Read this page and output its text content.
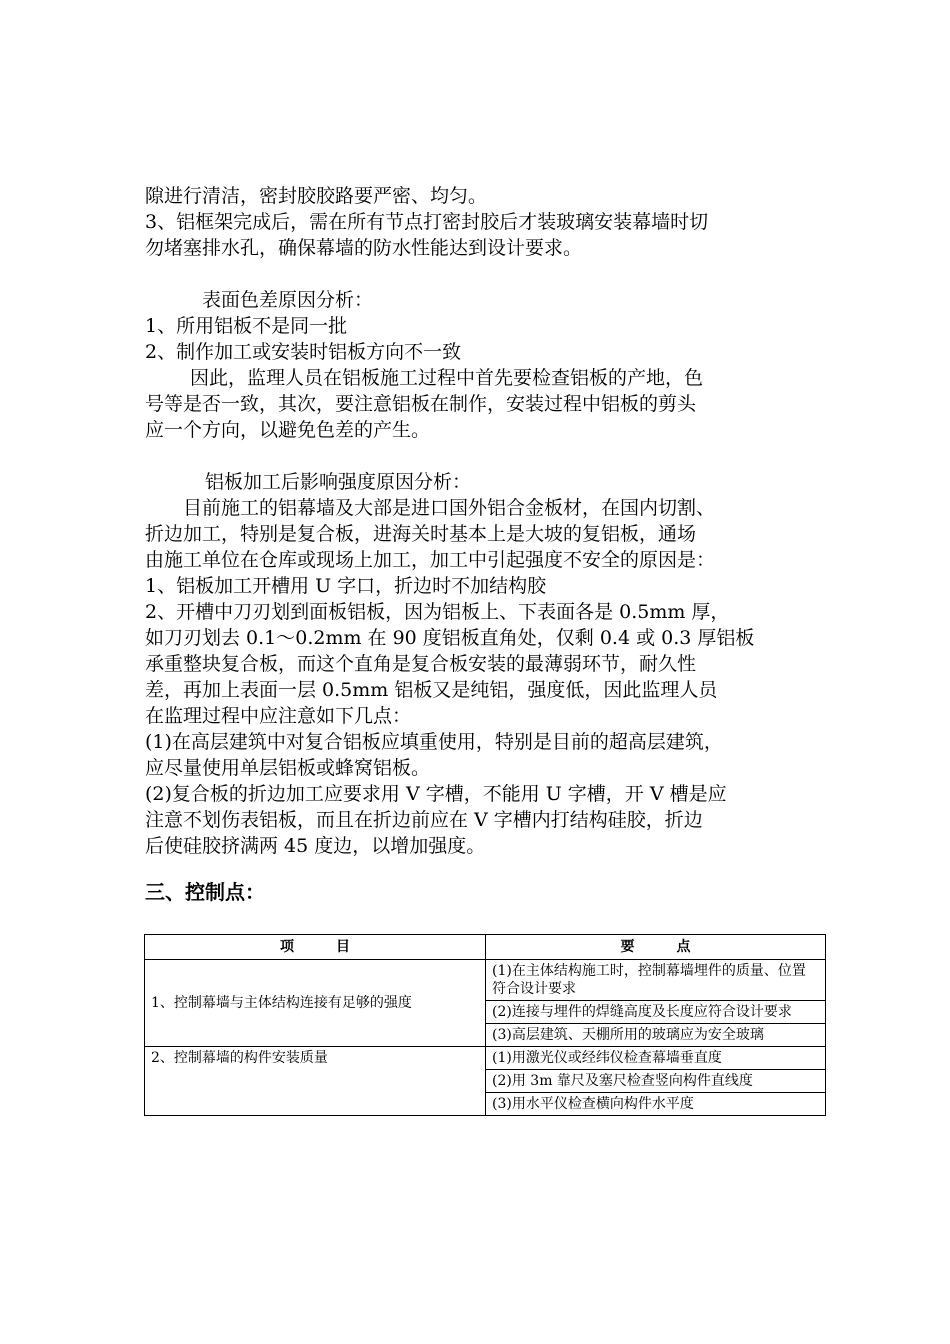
隙进行清洁，密封胶胶路要严密、均匀。

3、铝框架完成后，需在所有节点打密封胶后才装玻璃安装幕墙时切

勿堵塞排水孔，确保幕墙的防水性能达到设计要求。

表面色差原因分析：

1、所用铝板不是同一批

2、制作加工或安装时铝板方向不一致

因此，监理人员在铝板施工过程中首先要检查铝板的产地，色

号等是否一致，其次，要注意铝板在制作，安装过程中铝板的剪头

应一个方向，以避免色差的产生。

铝板加工后影响强度原因分析：

目前施工的铝幕墙及大部是进口国外铝合金板材，在国内切割、

折边加工，特别是复合板，进海关时基本上是大坡的复铝板，通场

由施工单位在仓库或现场上加工，加工中引起强度不安全的原因是：

1、铝板加工开槽用 U 字口，折边时不加结构胶

2、开槽中刀刃划到面板铝板，因为铝板上、下表面各是 0.5mm 厚，

如刀刃划去 0.1～0.2mm 在 90 度铝板直角处，仅剩 0.4 或 0.3 厚铝板

承重整块复合板，而这个直角是复合板安装的最薄弱环节，耐久性

差，再加上表面一层 0.5mm 铝板又是纯铝，强度低，因此监理人员

在监理过程中应注意如下几点：

(1)在高层建筑中对复合铝板应填重使用，特别是目前的超高层建筑，

应尽量使用单层铝板或蜂窝铝板。

(2)复合板的折边加工应要求用 V 字槽，不能用 U 字槽，开 V 槽是应

注意不划伤表铝板，而且在折边前应在 V 字槽内打结构硅胶，折边

后使硅胶挤满两 45 度边，以增加强度。

三、控制点：

项　　　目	要　　　点
1、控制幕墙与主体结构连接有足够的强度	(1)在主体结构施工时，控制幕墙埋件的质量、位置符合设计要求
	(2)连接与埋件的焊缝高度及长度应符合设计要求
	(3)高层建筑、天棚所用的玻璃应为安全玻璃
2、控制幕墙的构件安装质量	(1)用激光仪或经纬仪检查幕墙垂直度
	(2)用 3m 靠尺及塞尺检查竖向构件直线度
	(3)用水平仪检查横向构件水平度
